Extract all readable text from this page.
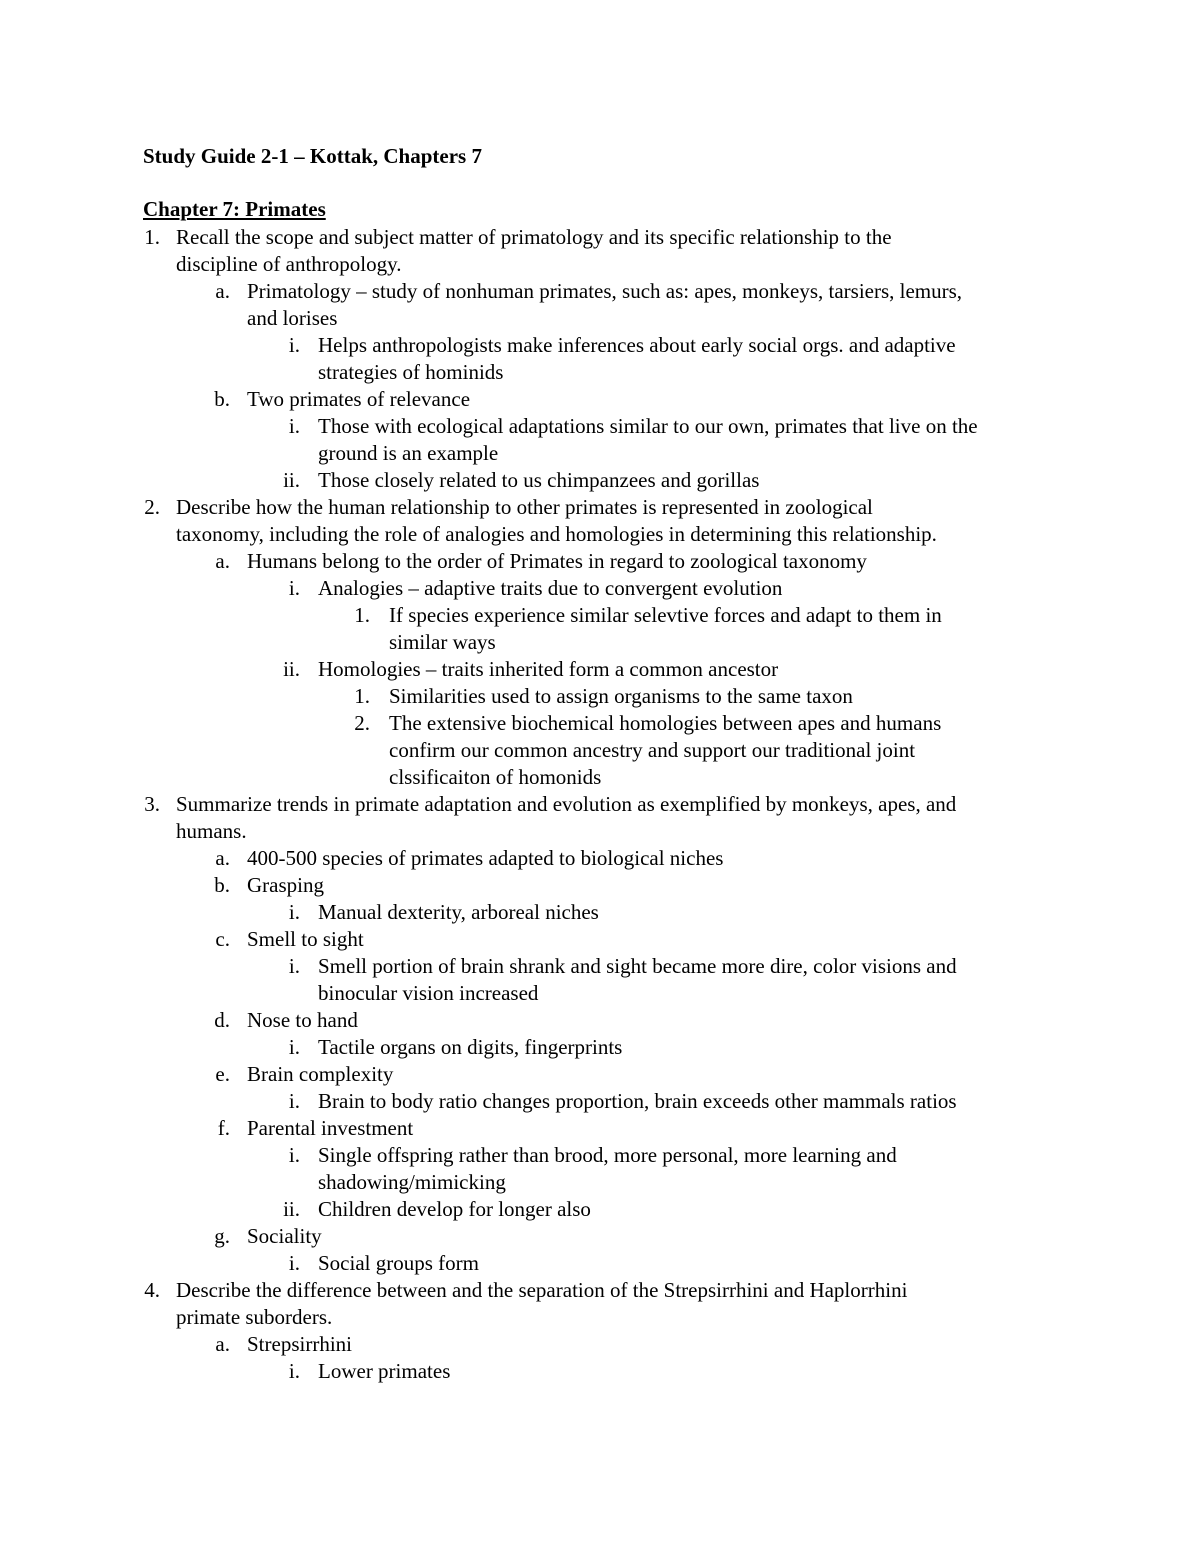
Study Guide 2-1 – Kottak, Chapters 7
Chapter 7: Primates
1. Recall the scope and subject matter of primatology and its specific relationship to the
discipline of anthropology.
a. Primatology – study of nonhuman primates, such as: apes, monkeys, tarsiers, lemurs,
and lorises
i. Helps anthropologists make inferences about early social orgs. and adaptive
strategies of hominids
b. Two primates of relevance
i. Those with ecological adaptations similar to our own, primates that live on the
ground is an example
ii. Those closely related to us chimpanzees and gorillas
2. Describe how the human relationship to other primates is represented in zoological
taxonomy, including the role of analogies and homologies in determining this relationship.
a. Humans belong to the order of Primates in regard to zoological taxonomy
i. Analogies – adaptive traits due to convergent evolution
1. If species experience similar selevtive forces and adapt to them in
similar ways
ii. Homologies – traits inherited form a common ancestor
1. Similarities used to assign organisms to the same taxon
2. The extensive biochemical homologies between apes and humans
confirm our common ancestry and support our traditional joint
clssificaiton of homonids
3. Summarize trends in primate adaptation and evolution as exemplified by monkeys, apes, and
humans.
a. 400-500 species of primates adapted to biological niches
b. Grasping
i. Manual dexterity, arboreal niches
c. Smell to sight
i. Smell portion of brain shrank and sight became more dire, color visions and
binocular vision increased
d. Nose to hand
i. Tactile organs on digits, fingerprints
e. Brain complexity
i. Brain to body ratio changes proportion, brain exceeds other mammals ratios
f. Parental investment
i. Single offspring rather than brood, more personal, more learning and
shadowing/mimicking
ii. Children develop for longer also
g. Sociality
i. Social groups form
4. Describe the difference between and the separation of the Strepsirrhini and Haplorrhini
primate suborders.
a. Strepsirrhini
i. Lower primates
